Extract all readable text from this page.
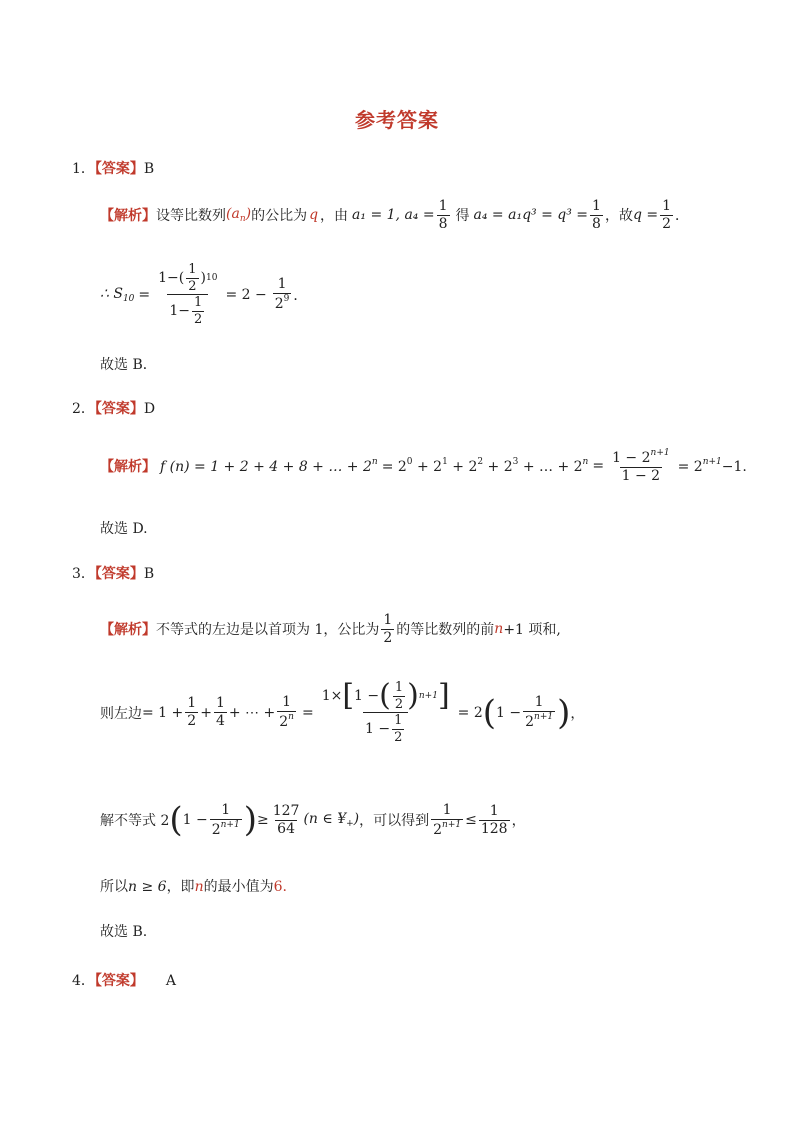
参考答案
1．【答案】B
【解析】 设等比数列 $(a_n)$ 的公比为 q ，由 a₁ = 1, $a_4 = \frac{1}{8}$ 得 $a_4 = a_1q^3 = q^3 = \frac{1}{8}$ ，故 $q = \frac{1}{2}$ ．
∴ $S_{10} = \frac{1-( \frac{1}{2} ) 10}{1- \frac{1}{2}} = 2 - \frac{1}{2^9}$ ．
故选 B．
2．【答案】D
【解析】 f (n) = 1 + 2 + 4 + 8 + … + $2^n = 2^0 + 2^1 + 2^2 + 2^3$ + … + $2^n = \frac{1 - 2^{n+1}}{1 - 2} = 2^{n+1}-1$.
故选 D.
3．【答案】B
【解析】 不等式的左边是以首项为 1，公比为 $\frac{1}{2}$ 的等比数列的前 n +1 项和,
则左边 = $1 + \frac{1}{2} + \frac{1}{4}$ + ⋯ + $\frac{1}{2^n} = \frac{1\times [ 1 - ( \frac{1}{2} ) n+1 ]}{1 - \frac{1}{2}} = 2$ ( $1 - \frac{1}{2^{n+1}}$ ) ，
解不等式 2 ( $1 - \frac{1}{2^{n+1}}$ ) ≥ $\frac{127}{64} (n$ ∈ $¥_+$) ，可以得到 $\frac{1}{2^{n+1}} \le \frac{1}{128}$ ，
所以n ≥ 6，即n的最小值为6.
故选 B.
4．【答案】 A
